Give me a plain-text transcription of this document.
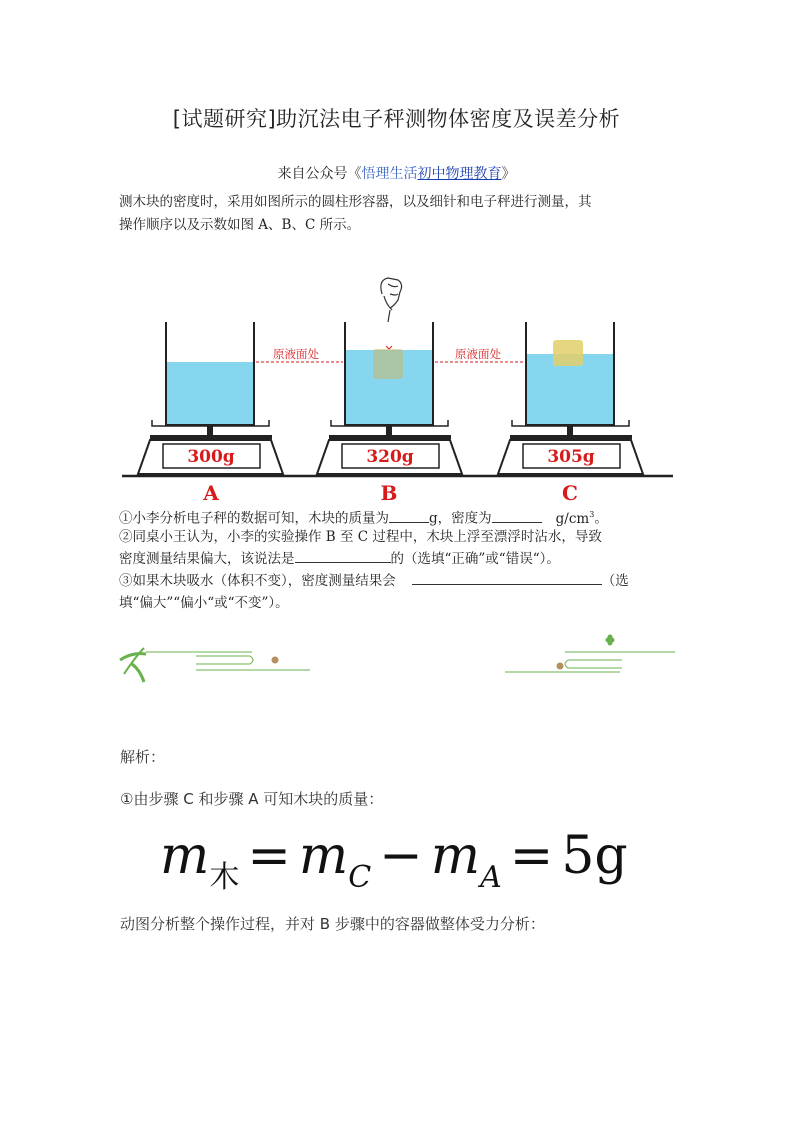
[试题研究]助沉法电子秤测物体密度及误差分析
来自公众号《悟理生活初中物理教育》
测木块的密度时，采用如图所示的圆柱形容器，以及细针和电子秤进行测量，其
操作顺序以及示数如图 A、B、C 所示。
原液面处	原液面处
300g	320g	305g
A	B	C
①小李分析电子秤的数据可知，木块的质量为	g，密度为	$g/cm^3$。
②同桌小王认为，小李的实验操作 B 至 C 过程中，木块上浮至漂浮时沾水，导致
密度测量结果偏大，该说法是	的（选填“正确”或“错误“）。
③如果木块吸水（体积不变），密度测量结果会	（选
填“偏大”“偏小“或“不变”）。
解析：
①由步骤 C 和步骤 A 可知木块的质量：
$m_木 = m_C - m_A = 5g$
动图分析整个操作过程，并对 B 步骤中的容器做整体受力分析：
